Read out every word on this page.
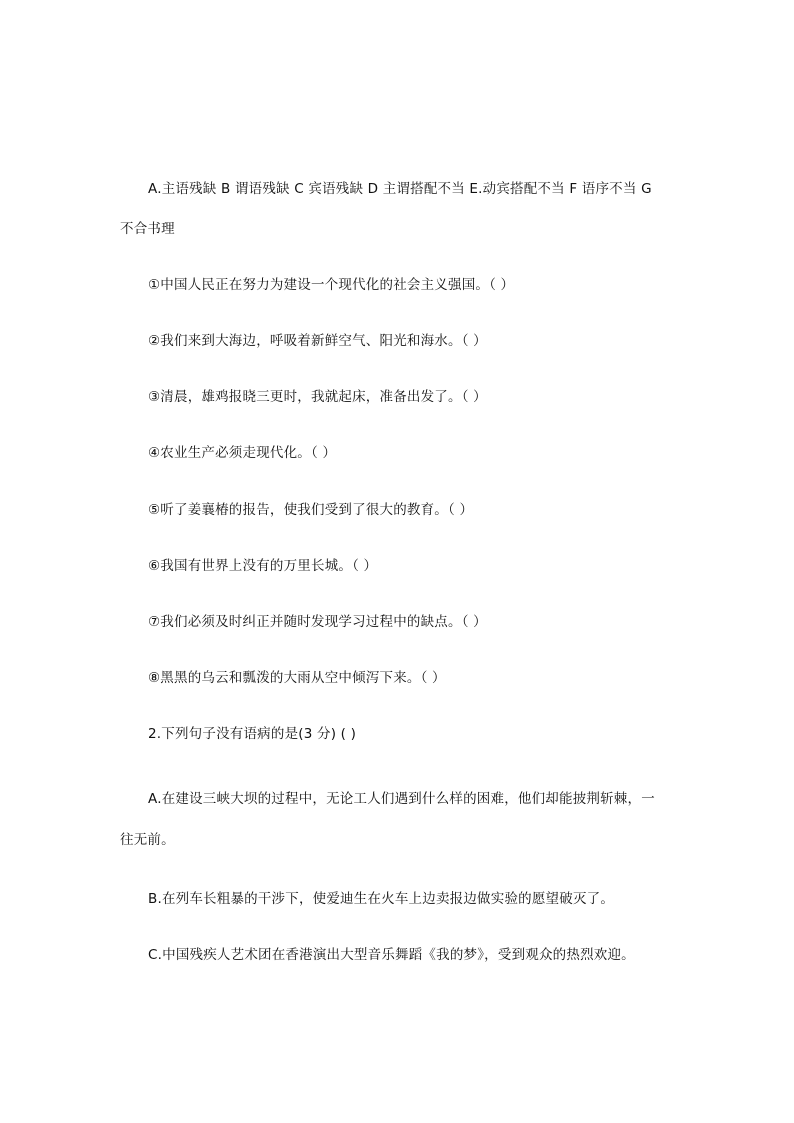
A.主语残缺 B 谓语残缺 C 宾语残缺 D 主谓搭配不当 E.动宾搭配不当 F 语序不当 G
不合书理
①中国人民正在努力为建设一个现代化的社会主义强国。（ ）
②我们来到大海边，呼吸着新鲜空气、阳光和海水。（ ）
③清晨，雄鸡报晓三更时，我就起床，准备出发了。（ ）
④农业生产必须走现代化。（ ）
⑤听了姜襄椿的报告，使我们受到了很大的教育。（ ）
⑥我国有世界上没有的万里长城。（ ）
⑦我们必须及时纠正并随时发现学习过程中的缺点。（ ）
⑧黑黑的乌云和瓢泼的大雨从空中倾泻下来。（ ）
2.下列句子没有语病的是(3 分) ( )
A.在建设三峡大坝的过程中，无论工人们遇到什么样的困难，他们却能披荆斩棘，一
往无前。
B.在列车长粗暴的干涉下，使爱迪生在火车上边卖报边做实验的愿望破灭了。
C.中国残疾人艺术团在香港演出大型音乐舞蹈《我的梦》，受到观众的热烈欢迎。
